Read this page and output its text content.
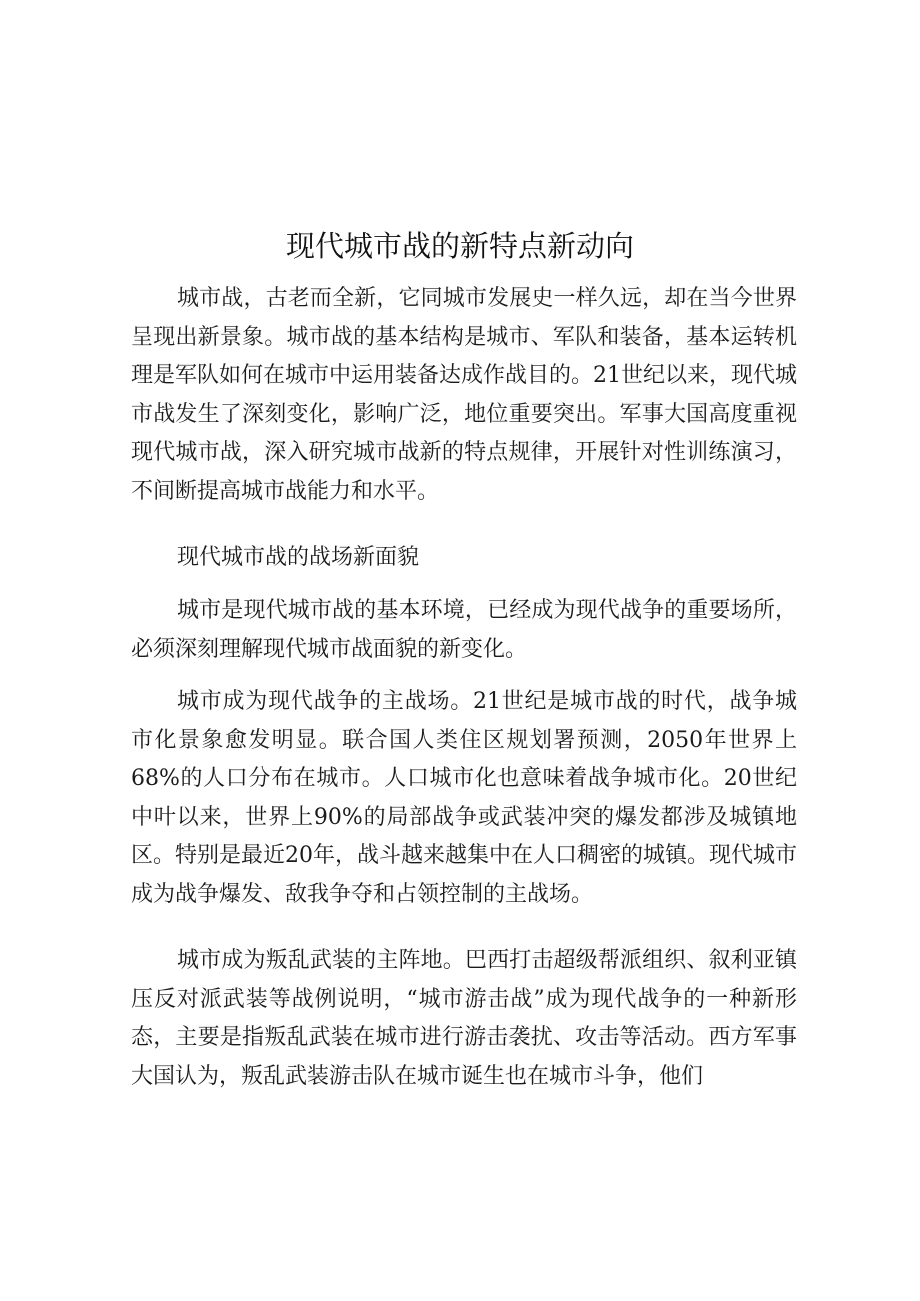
现代城市战的新特点新动向

城市战，古老而全新，它同城市发展史一样久远，却在当今世界呈现出新景象。城市战的基本结构是城市、军队和装备，基本运转机理是军队如何在城市中运用装备达成作战目的。21世纪以来，现代城市战发生了深刻变化，影响广泛，地位重要突出。军事大国高度重视现代城市战，深入研究城市战新的特点规律，开展针对性训练演习，不间断提高城市战能力和水平。

现代城市战的战场新面貌

城市是现代城市战的基本环境，已经成为现代战争的重要场所，必须深刻理解现代城市战面貌的新变化。

城市成为现代战争的主战场。21世纪是城市战的时代，战争城市化景象愈发明显。联合国人类住区规划署预测，2050年世界上68%的人口分布在城市。人口城市化也意味着战争城市化。20世纪中叶以来，世界上90%的局部战争或武装冲突的爆发都涉及城镇地区。特别是最近20年，战斗越来越集中在人口稠密的城镇。现代城市成为战争爆发、敌我争夺和占领控制的主战场。

城市成为叛乱武装的主阵地。巴西打击超级帮派组织、叙利亚镇压反对派武装等战例说明，“城市游击战”成为现代战争的一种新形态，主要是指叛乱武装在城市进行游击袭扰、攻击等活动。西方军事大国认为，叛乱武装游击队在城市诞生也在城市斗争，他们
